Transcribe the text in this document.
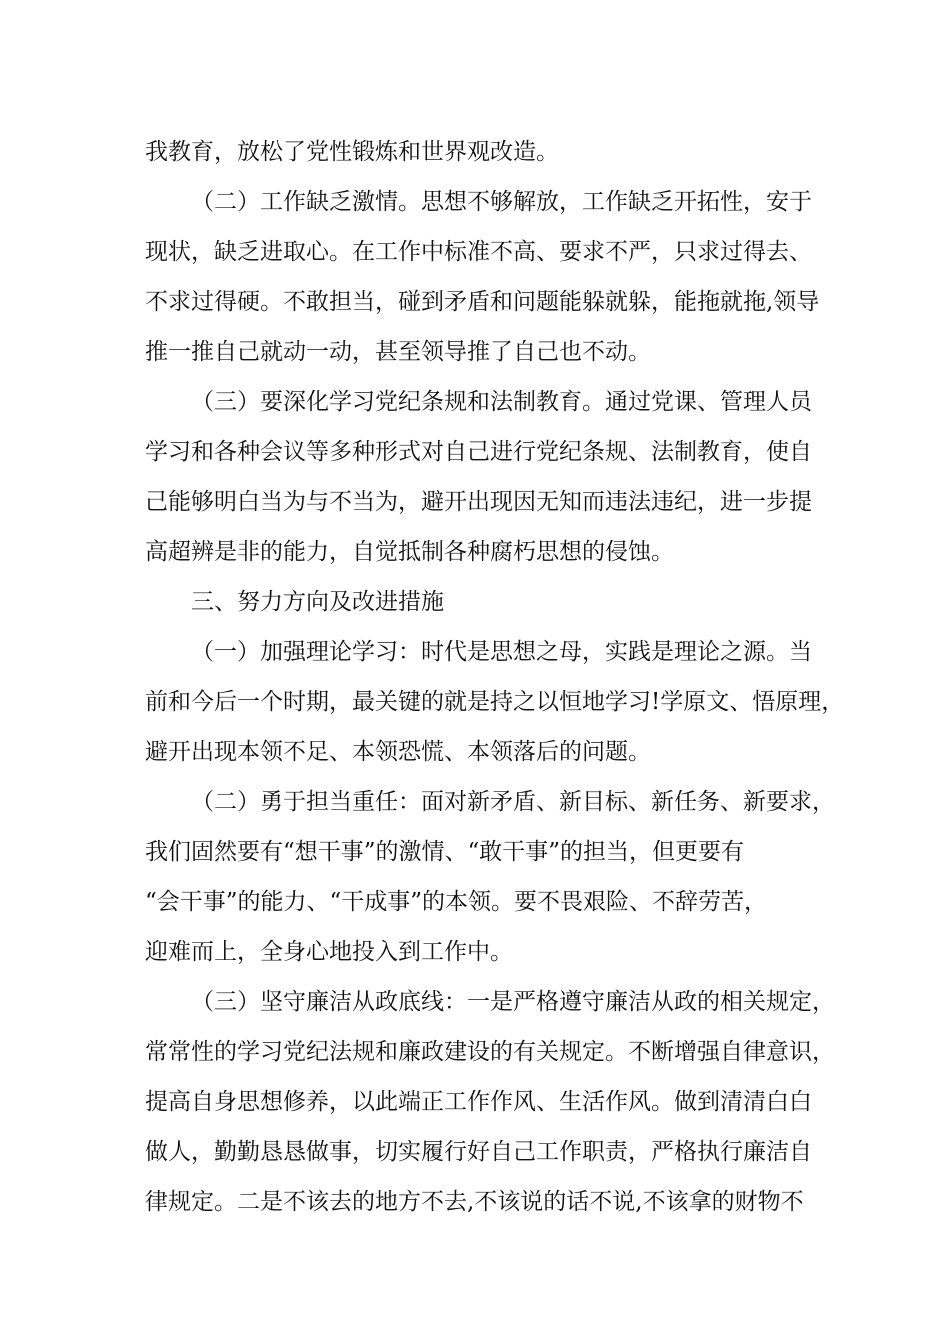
我教育，放松了党性锻炼和世界观改造。
（二）工作缺乏激情。思想不够解放，工作缺乏开拓性，安于
现状，缺乏进取心。在工作中标准不高、要求不严，只求过得去、
不求过得硬。不敢担当，碰到矛盾和问题能躲就躲，能拖就拖,领导
推一推自己就动一动，甚至领导推了自己也不动。
（三）要深化学习党纪条规和法制教育。通过党课、管理人员
学习和各种会议等多种形式对自己进行党纪条规、法制教育，使自
己能够明白当为与不当为，避开出现因无知而违法违纪，进一步提
高超辨是非的能力，自觉抵制各种腐朽思想的侵蚀。
三、努力方向及改进措施
（一）加强理论学习：时代是思想之母，实践是理论之源。当
前和今后一个时期，最关键的就是持之以恒地学习!学原文、悟原理，
避开出现本领不足、本领恐慌、本领落后的问题。
（二）勇于担当重任：面对新矛盾、新目标、新任务、新要求，
我们固然要有“想干事”的激情、“敢干事”的担当，但更要有
“会干事”的能力、“干成事”的本领。要不畏艰险、不辞劳苦，
迎难而上，全身心地投入到工作中。
（三）坚守廉洁从政底线：一是严格遵守廉洁从政的相关规定，
常常性的学习党纪法规和廉政建设的有关规定。不断增强自律意识，
提高自身思想修养，以此端正工作作风、生活作风。做到清清白白
做人，勤勤恳恳做事，切实履行好自己工作职责，严格执行廉洁自
律规定。二是不该去的地方不去,不该说的话不说,不该拿的财物不
